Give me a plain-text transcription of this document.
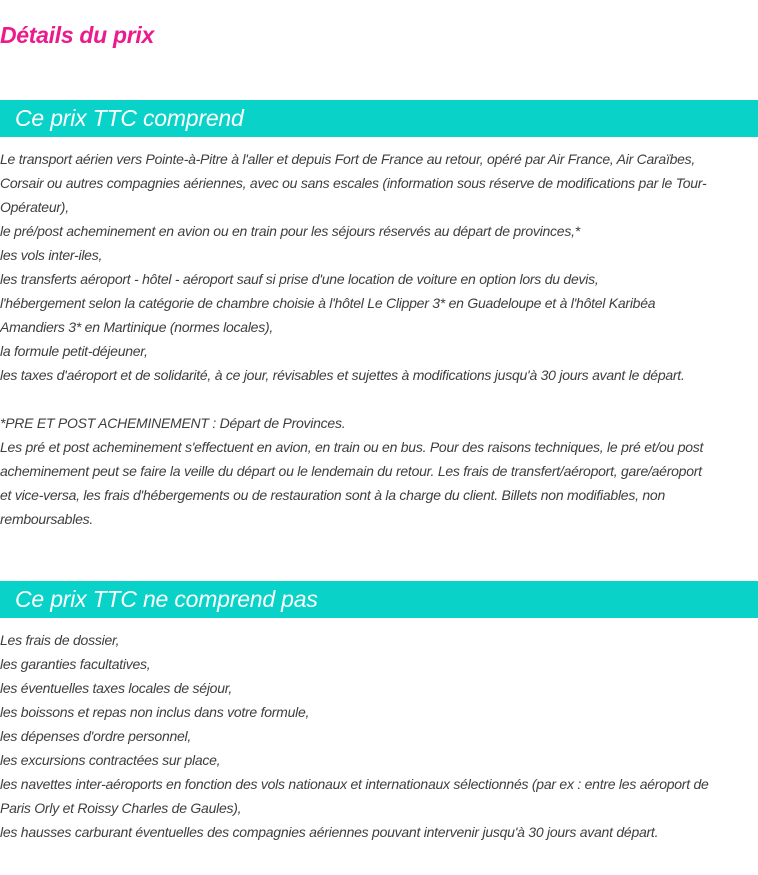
Détails du prix
Ce prix TTC comprend
Le transport aérien vers Pointe-à-Pitre à l'aller et depuis Fort de France au retour, opéré par Air France, Air Caraïbes,
Corsair ou autres compagnies aériennes, avec ou sans escales (information sous réserve de modifications par le Tour-
Opérateur),
le pré/post acheminement en avion ou en train pour les séjours réservés au départ de provinces,*
les vols inter-iles,
les transferts aéroport - hôtel - aéroport sauf si prise d'une location de voiture en option lors du devis,
l'hébergement selon la catégorie de chambre choisie à l'hôtel Le Clipper 3* en Guadeloupe et à l'hôtel Karibéa
Amandiers 3* en Martinique (normes locales),
la formule petit-déjeuner,
les taxes d'aéroport et de solidarité, à ce jour, révisables et sujettes à modifications jusqu'à 30 jours avant le départ.
*PRE ET POST ACHEMINEMENT : Départ de Provinces.
Les pré et post acheminement s'effectuent en avion, en train ou en bus. Pour des raisons techniques, le pré et/ou post
acheminement peut se faire la veille du départ ou le lendemain du retour. Les frais de transfert/aéroport, gare/aéroport
et vice-versa, les frais d'hébergements ou de restauration sont à la charge du client. Billets non modifiables, non
remboursables.
Ce prix TTC ne comprend pas
Les frais de dossier,
les garanties facultatives,
les éventuelles taxes locales de séjour,
les boissons et repas non inclus dans votre formule,
les dépenses d'ordre personnel,
les excursions contractées sur place,
les navettes inter-aéroports en fonction des vols nationaux et internationaux sélectionnés (par ex : entre les aéroport de
Paris Orly et Roissy Charles de Gaules),
les hausses carburant éventuelles des compagnies aériennes pouvant intervenir jusqu'à 30 jours avant départ.
